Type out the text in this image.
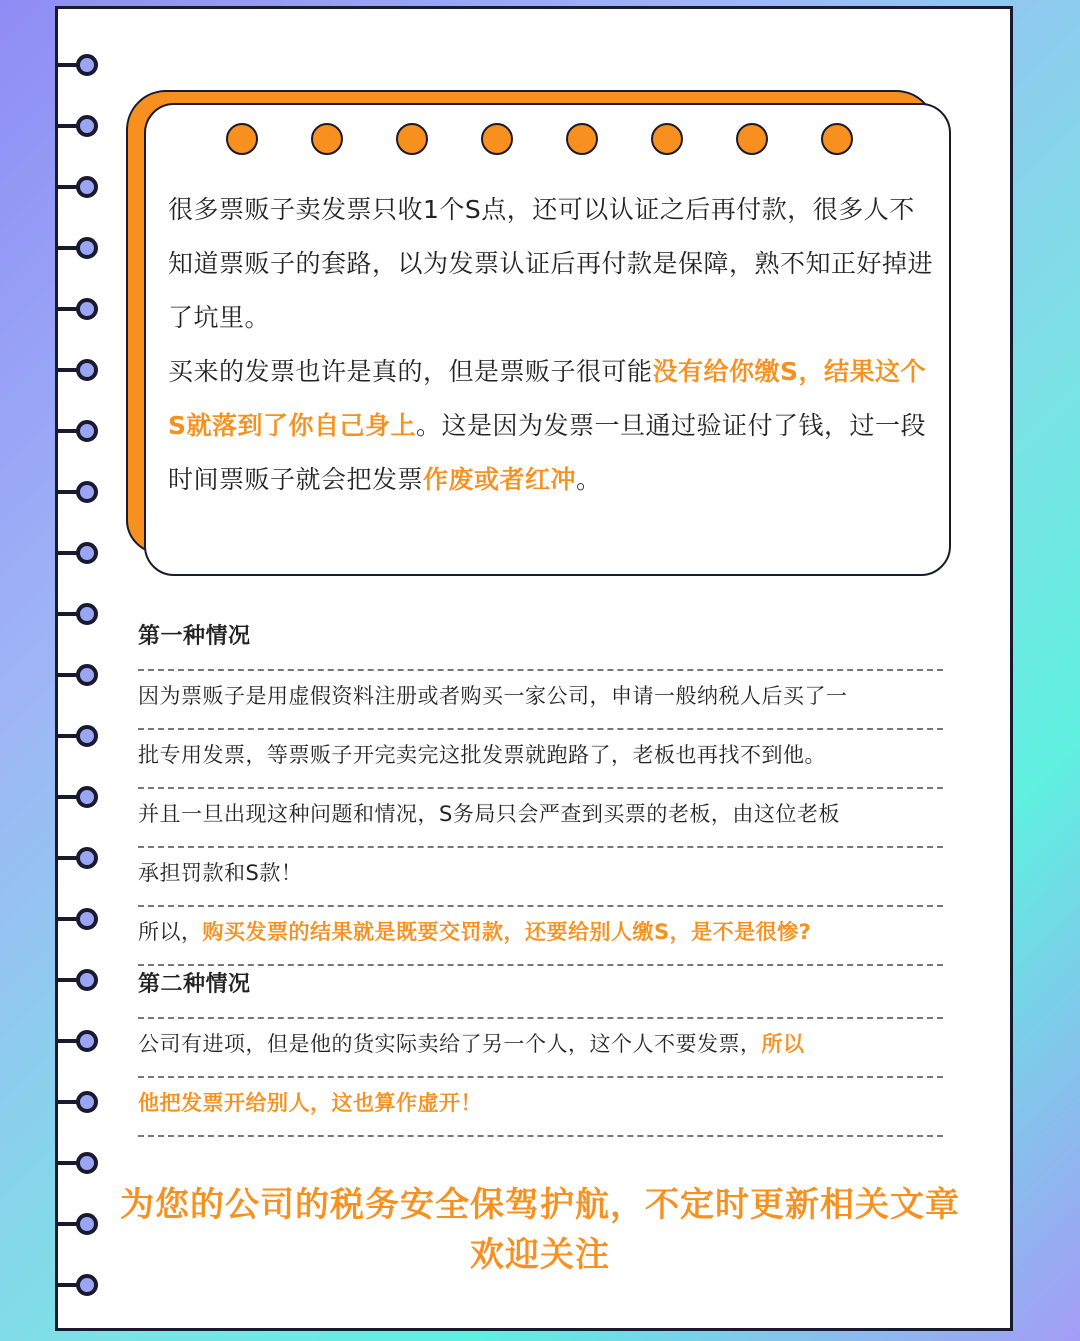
很多票贩子卖发票只收1个S点，还可以认证之后再付款，很多人不知道票贩子的套路，以为发票认证后再付款是保障，熟不知正好掉进了坑里。
买来的发票也许是真的，但是票贩子很可能没有给你缴S，结果这个S就落到了你自己身上。这是因为发票一旦通过验证付了钱，过一段时间票贩子就会把发票作废或者红冲。
第一种情况
因为票贩子是用虚假资料注册或者购买一家公司，申请一般纳税人后买了一
批专用发票，等票贩子开完卖完这批发票就跑路了，老板也再找不到他。
并且一旦出现这种问题和情况，S务局只会严查到买票的老板，由这位老板
承担罚款和S款！
所以，购买发票的结果就是既要交罚款，还要给别人缴S，是不是很惨?
第二种情况
公司有进项，但是他的货实际卖给了另一个人，这个人不要发票，所以
他把发票开给别人，这也算作虚开！
为您的公司的税务安全保驾护航，不定时更新相关文章
欢迎关注
